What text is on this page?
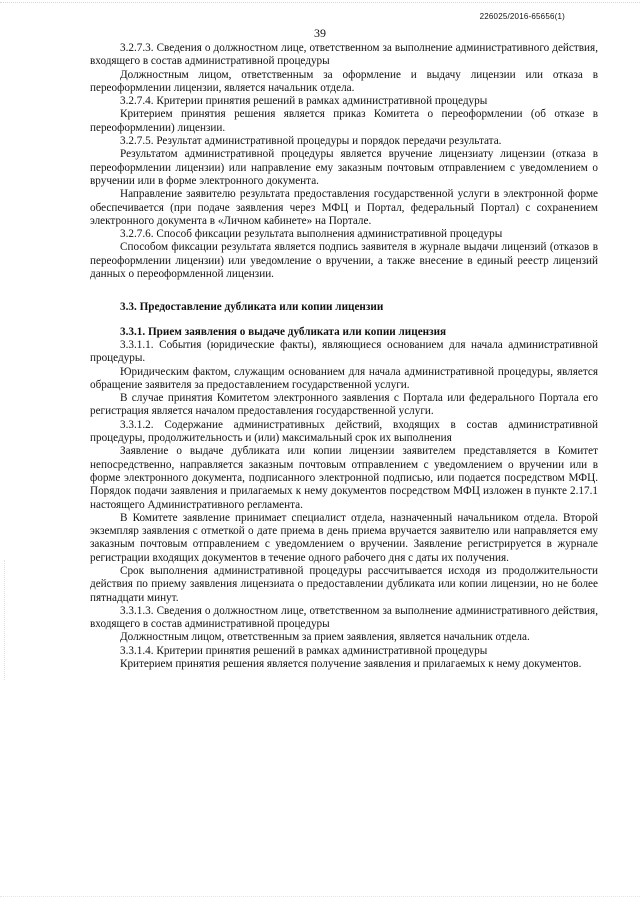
226025/2016-65656(1)
39

3.2.7.3. Сведения о должностном лице, ответственном за выполнение административного действия, входящего в состав административной процедуры

Должностным лицом, ответственным за оформление и выдачу лицензии или отказа в переоформлении лицензии, является начальник отдела.

3.2.7.4. Критерии принятия решений в рамках административной процедуры

Критерием принятия решения является приказ Комитета о переоформлении (об отказе в переоформлении) лицензии.

3.2.7.5. Результат административной процедуры и порядок передачи результата.

Результатом административной процедуры является вручение лицензиату лицензии (отказа в переоформлении лицензии) или направление ему заказным почтовым отправлением с уведомлением о вручении или в форме электронного документа.

Направление заявителю результата предоставления государственной услуги в электронной форме обеспечивается (при подаче заявления через МФЦ и Портал, федеральный Портал) с сохранением электронного документа в «Личном кабинете» на Портале.

3.2.7.6. Способ фиксации результата выполнения административной процедуры

Способом фиксации результата является подпись заявителя в журнале выдачи лицензий (отказов в переоформлении лицензии) или уведомление о вручении, а также внесение в единый реестр лицензий данных о переоформленной лицензии.

3.3. Предоставление дубликата или копии лицензии

3.3.1. Прием заявления о выдаче дубликата или копии лицензия

3.3.1.1. События (юридические факты), являющиеся основанием для начала административной процедуры.

Юридическим фактом, служащим основанием для начала административной процедуры, является обращение заявителя за предоставлением государственной услуги.

В случае принятия Комитетом электронного заявления с Портала или федерального Портала его регистрация является началом предоставления государственной услуги.

3.3.1.2. Содержание административных действий, входящих в состав административной процедуры, продолжительность и (или) максимальный срок их выполнения

Заявление о выдаче дубликата или копии лицензии заявителем представляется в Комитет непосредственно, направляется заказным почтовым отправлением с уведомлением о вручении или в форме электронного документа, подписанного электронной подписью, или подается посредством МФЦ. Порядок подачи заявления и прилагаемых к нему документов посредством МФЦ изложен в пункте 2.17.1 настоящего Административного регламента.

В Комитете заявление принимает специалист отдела, назначенный начальником отдела. Второй экземпляр заявления с отметкой о дате приема в день приема вручается заявителю или направляется ему заказным почтовым отправлением с уведомлением о вручении. Заявление регистрируется в журнале регистрации входящих документов в течение одного рабочего дня с даты их получения.

Срок выполнения административной процедуры рассчитывается исходя из продолжительности действия по приему заявления лицензиата о предоставлении дубликата или копии лицензии, но не более пятнадцати минут.

3.3.1.3. Сведения о должностном лице, ответственном за выполнение административного действия, входящего в состав административной процедуры

Должностным лицом, ответственным за прием заявления, является начальник отдела.

3.3.1.4. Критерии принятия решений в рамках административной процедуры

Критерием принятия решения является получение заявления и прилагаемых к нему документов.
